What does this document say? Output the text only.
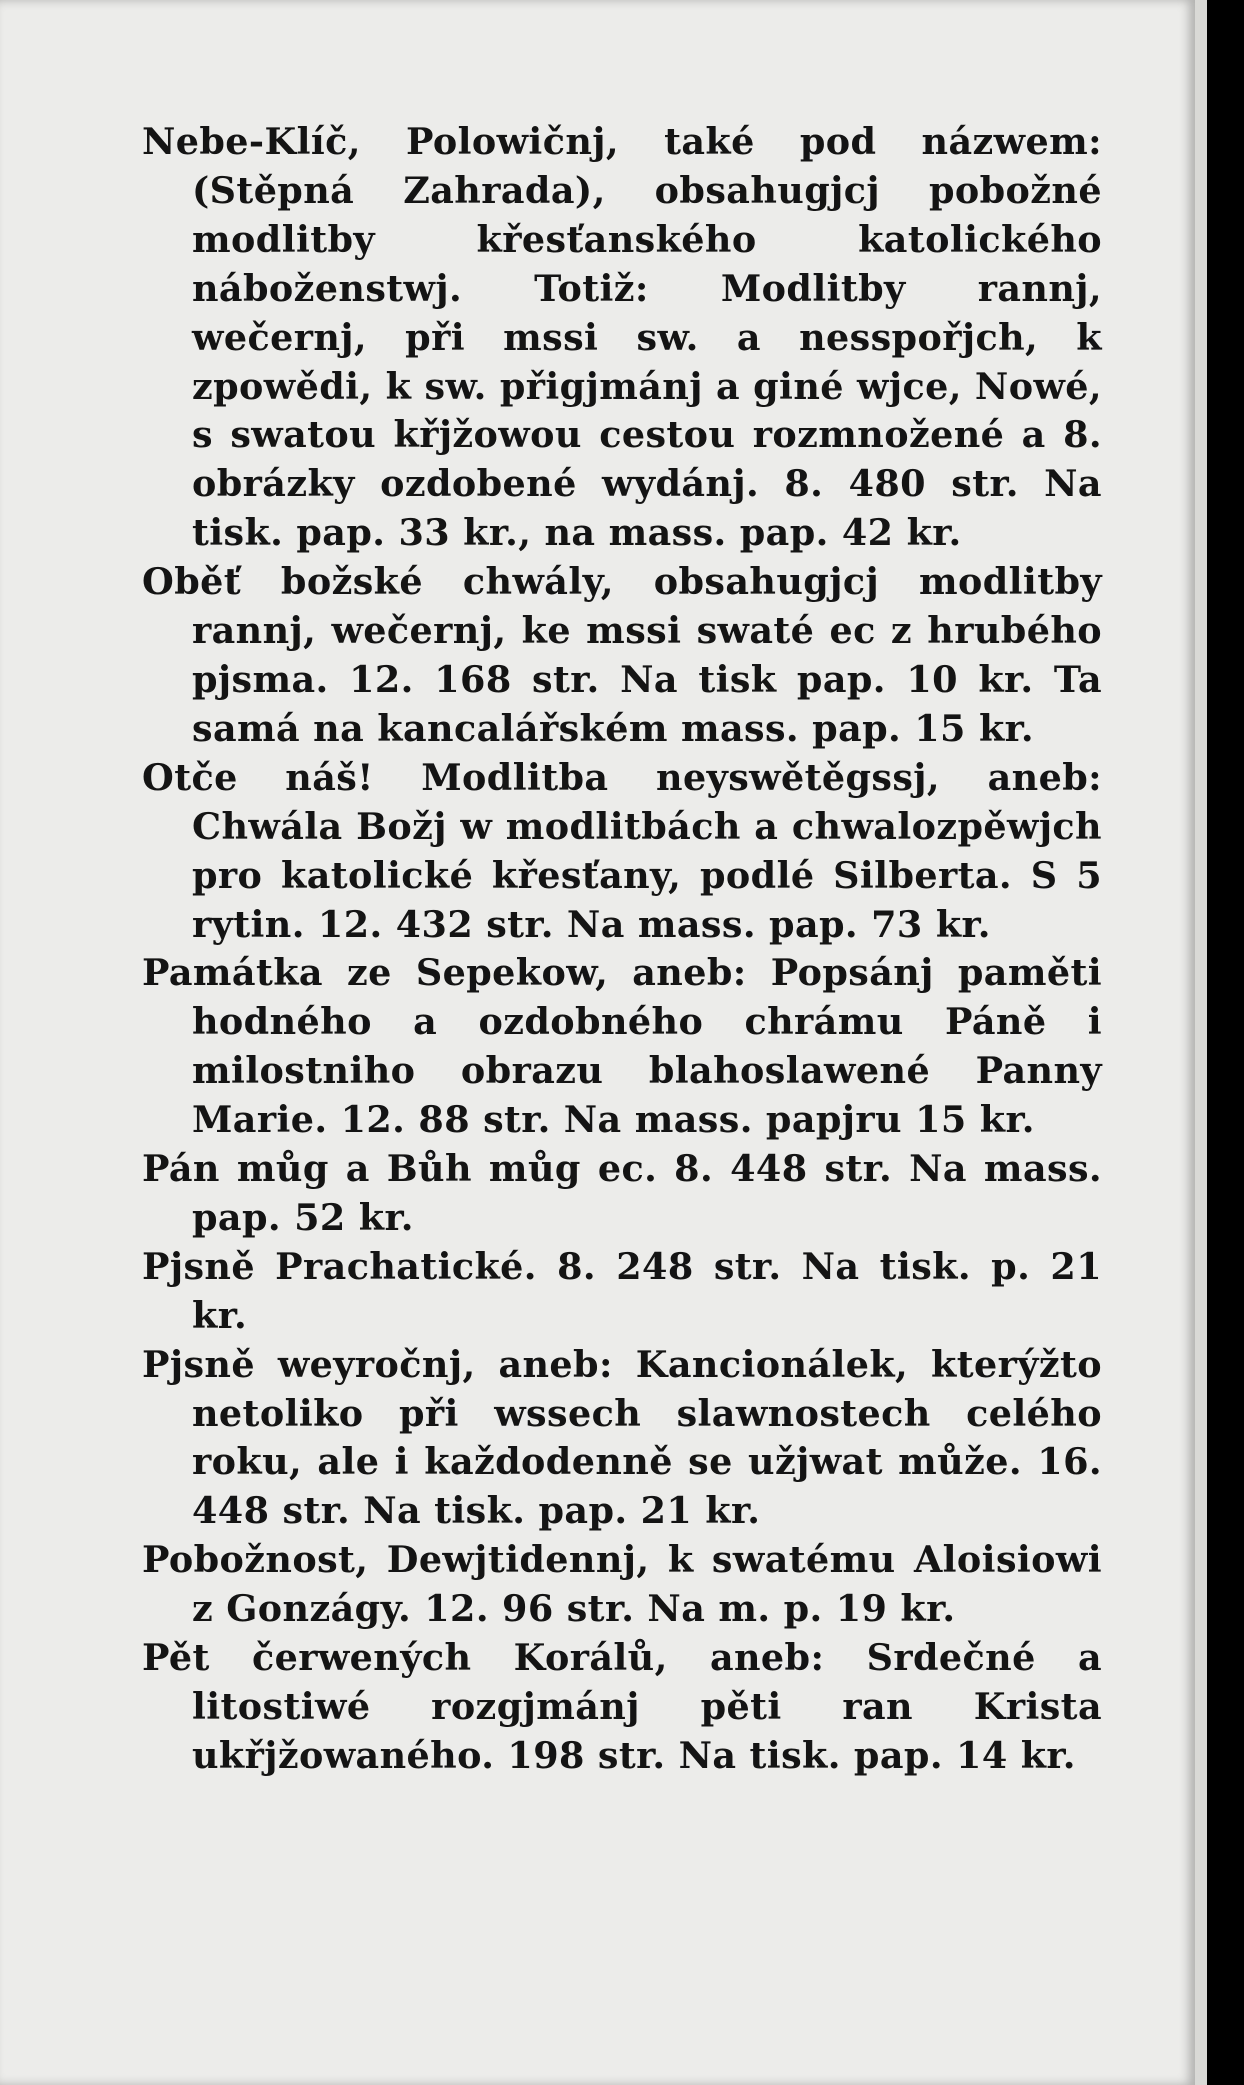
Nebe-Klíč, Polowičnj, také pod názwem: (Stěpná Zahrada), obsahugjcj pobožné modlitby křesťanského katolického náboženstwj. Totiž: Modlitby rannj, wečernj, při mssi sw. a nesspořjch, k zpowědi, k sw. přigjmánj a giné wjce, Nowé, s swatou křjžowou cestou rozmnožené a 8. obrázky ozdobené wydánj. 8. 480 str. Na tisk. pap. 33 kr., na mass. pap. 42 kr.

Oběť božské chwály, obsahugjcj modlitby rannj, wečernj, ke mssi swaté ec z hrubého pjsma. 12. 168 str. Na tisk pap. 10 kr. Ta samá na kancalářském mass. pap. 15 kr.

Otče náš! Modlitba neyswětěgssj, aneb: Chwála Božj w modlitbách a chwalozpěwjch pro katolické křesťany, podlé Silberta. S 5 rytin. 12. 432 str. Na mass. pap. 73 kr.

Památka ze Sepekow, aneb: Popsánj paměti hodného a ozdobného chrámu Páně i milostniho obrazu blahoslawené Panny Marie. 12. 88 str. Na mass. papjru 15 kr.

Pán můg a Bůh můg ec. 8. 448 str. Na mass. pap. 52 kr.

Pjsně Prachatické. 8. 248 str. Na tisk. p. 21 kr.

Pjsně weyročnj, aneb: Kancionálek, kterýžto netoliko při wssech slawnostech celého roku, ale i každodenně se užjwat může. 16. 448 str. Na tisk. pap. 21 kr.

Pobožnost, Dewjtidennj, k swatému Aloisiowi z Gonzágy. 12. 96 str. Na m. p. 19 kr.

Pět čerwených Korálů, aneb: Srdečné a litostiwé rozgjmánj pěti ran Krista ukřjžowaného. 198 str. Na tisk. pap. 14 kr.
